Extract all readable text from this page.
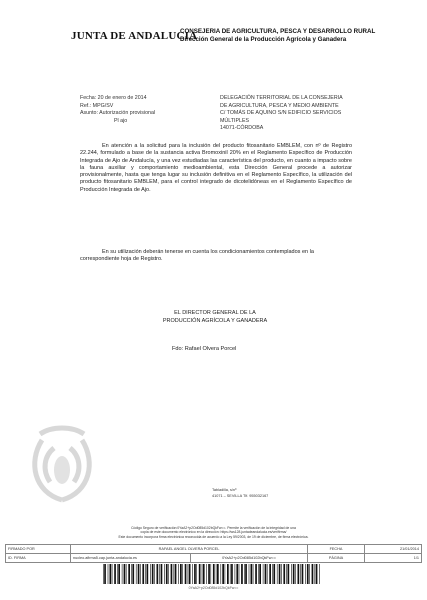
JUNTA DE ANDALUCIA
CONSEJERIA DE AGRICULTURA, PESCA Y DESARROLLO RURAL
Dirección General de la Producción Agrícola y Ganadera
Fecha: 20 de enero de 2014
Ref.: MPG/SV
Asunto: Autorización provisional
Pl ajo
DELEGACIÓN TERRITORIAL DE LA CONSEJERIA
DE AGRICULTURA, PESCA Y MEDIO AMBIENTE
C/ TOMÁS DE AQUINO S/N EDIFICIO SERVICIOS
MÚLTIPLES
14071-CÓRDOBA
En atención a la solicitud para la inclusión del producto fitosanitario EMBLEM, con nº de Registro 22.244, formulado a base de la sustancia activa Bromoxinil 20% en el Reglamento Específico de Producción Integrada de Ajo de Andalucía, y una vez estudiadas las característica del producto, en cuanto a impacto sobre la fauna auxiliar y comportamiento medioambiental, esta Dirección General procede a autorizar provisionalmente, hasta que tenga lugar su inclusión definitiva en el Reglamento Específico, la utilización del producto fitosanitario EMBLEM, para el control integrado de dicotelidóneas en el Reglamento Específico de Producción Integrada de Ajo.
En su utilización deberán tenerse en cuenta los condicionamientos contemplados en la correspondiente hoja de Registro.
EL DIRECTOR GENERAL DE LA
PRODUCCIÓN AGRÍCOLA Y GANADERA
Fdo: Rafael Olvera Porcel
Tabladilla, s/nº
41071 – SEVILLA Tlf. 955032167
Código Seguro de verificación:0YaA2+p2Od085d102bQkFw==. Permite la verificación de la integridad de una
copia de este documento electrónico en la dirección: https://ws128.juntadeandalucia.es/verifirma/
Este documento incorpora firma electrónica reconocida de acuerdo a la Ley 59/2003, de 19 de diciembre, de firma electrónica.
FIRMADO POR	RAFAEL ANGEL OLVERA PORCEL		FECHA	21/01/2014
ID. FIRMA	nucleo.afirma5.cap.junta-andalucia.es	0YaA2+p2Od085d102bQkFw==	PÁGINA	1/1
0YaA2+p2Od085d102bQkFw==
